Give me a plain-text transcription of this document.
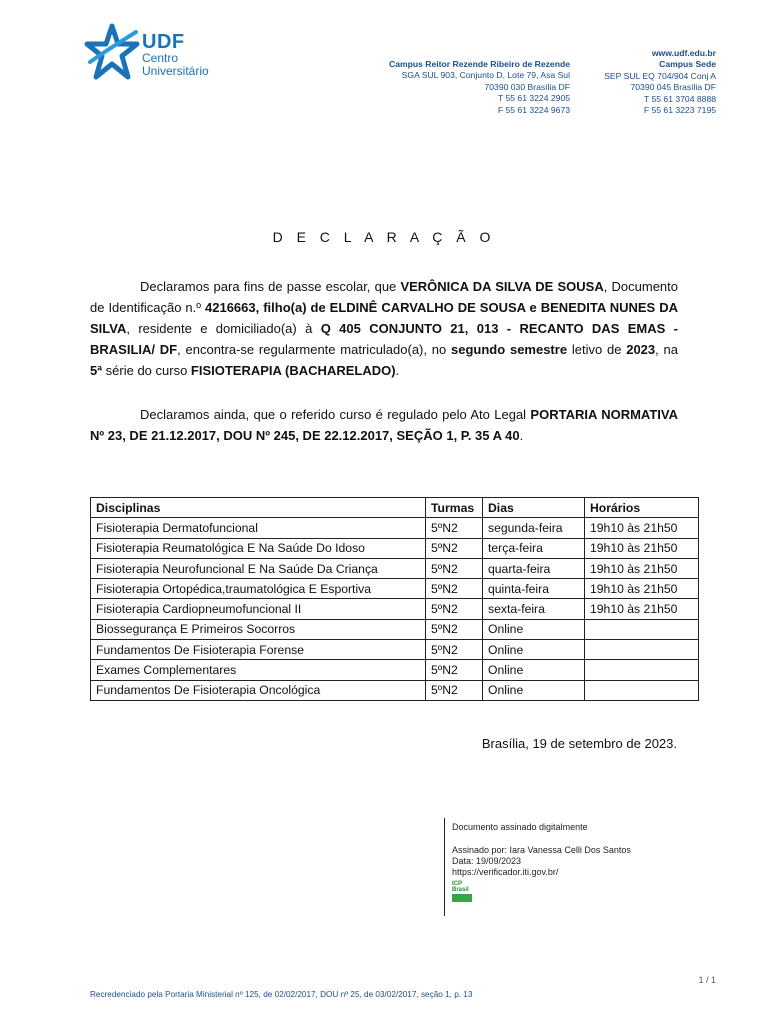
UDF
Centro
Universitário	Campus Reitor Rezende Ribeiro de Rezende
SGA SUL 903, Conjunto D, Lote 79, Asa Sul
70390 030 Brasília DF
T 55 61 3224 2905
F 55 61 3224 9673
www.udf.edu.br
Campus Sede
SEP SUL EQ 704/904 Conj A
70390 045 Brasília DF
T 55 61 3704 8888
F 55 61 3223 7195
D E C L A R A Ç Ã O
Declaramos para fins de passe escolar, que VERÔNICA DA SILVA DE SOUSA, Documento de Identificação n.º 4216663, filho(a) de ELDINÊ CARVALHO DE SOUSA e BENEDITA NUNES DA SILVA, residente e domiciliado(a) à Q 405 CONJUNTO 21, 013 - RECANTO DAS EMAS - BRASILIA/ DF, encontra-se regularmente matriculado(a), no segundo semestre letivo de 2023, na 5ª série do curso FISIOTERAPIA (BACHARELADO).
Declaramos ainda, que o referido curso é regulado pelo Ato Legal PORTARIA NORMATIVA Nº 23, DE 21.12.2017, DOU Nº 245, DE 22.12.2017, SEÇÃO 1, P. 35 A 40.
Disciplinas	Turmas	Dias	Horários
Fisioterapia Dermatofuncional	5ºN2	segunda-feira	19h10 às 21h50
Fisioterapia Reumatológica E Na Saúde Do Idoso	5ºN2	terça-feira	19h10 às 21h50
Fisioterapia Neurofuncional E Na Saúde Da Criança	5ºN2	quarta-feira	19h10 às 21h50
Fisioterapia Ortopédica,traumatológica E Esportiva	5ºN2	quinta-feira	19h10 às 21h50
Fisioterapia Cardiopneumofuncional II	5ºN2	sexta-feira	19h10 às 21h50
Biossegurança E Primeiros Socorros	5ºN2	Online	
Fundamentos De Fisioterapia Forense	5ºN2	Online	
Exames Complementares	5ºN2	Online	
Fundamentos De Fisioterapia Oncológica	5ºN2	Online	
Brasília, 19 de setembro de 2023.
Documento assinado digitalmente
Assinado por: Iara Vanessa Celli Dos Santos
Data: 19/09/2023
https://verificador.iti.gov.br/
ICP Brasil
1 / 1
Recredenciado pela Portaria Ministerial nº 125, de 02/02/2017, DOU nº 25, de 03/02/2017, seção 1, p. 13
